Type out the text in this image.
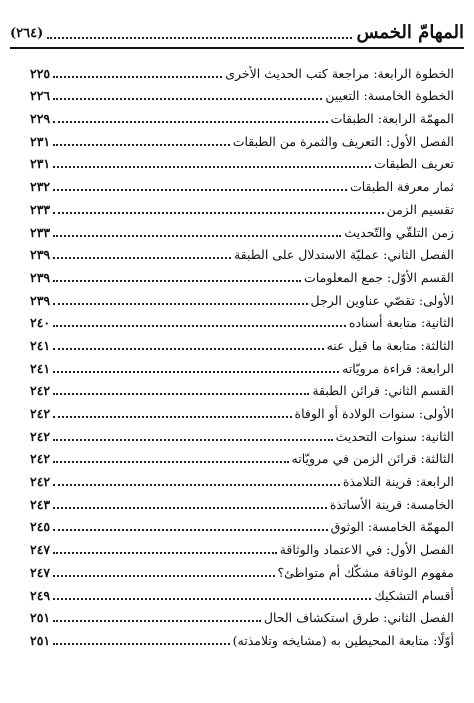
المهامّ الخمس
(٢٦٤)
الخطوة الرابعة: مراجعة كتب الحديث الأخرى
٢٢٥
الخطوة الخامسة: التعيين
٢٢٦
المهمّة الرابعة: الطبقات
٢٢٩
الفصل الأول: التعريف والثمرة من الطبقات
٢٣١
تعريف الطبقات
٢٣١
ثمار معرفة الطبقات
٢٣٢
تقسيم الزمن
٢٣٣
زمن التلقّي والتّحديث
٢٣٣
الفصل الثاني: عمليّة الاستدلال على الطبقة
٢٣٩
القسم الأوّل: جمع المعلومات
٢٣٩
الأولى: تقصّي عناوين الرجل
٢٣٩
الثانية: متابعة أسناده
٢٤٠
الثالثة: متابعة ما قيل عنه
٢٤١
الرابعة: قراءة مرويّاته
٢٤١
القسم الثاني: قرائن الطبقة
٢٤٢
الأولى: سنوات الولادة أو الوفاة
٢٤٢
الثانية: سنوات التحديث
٢٤٢
الثالثة: قرائن الزمن في مرويّاته
٢٤٢
الرابعة: قرينة التلامذة
٢٤٢
الخامسة: قرينة الأساتذة
٢٤٣
المهمّة الخامسة: الوثوق
٢٤٥
الفصل الأول: في الاعتماد والوثاقة
٢٤٧
مفهوم الوثاقة مشكّك أم متواطئ؟
٢٤٧
أقسام التشكيك
٢٤٩
الفصل الثاني: طرق استكشاف الحال
٢٥١
أوّلًا: متابعة المحيطين به (مشايخه وتلامذته)
٢٥١
